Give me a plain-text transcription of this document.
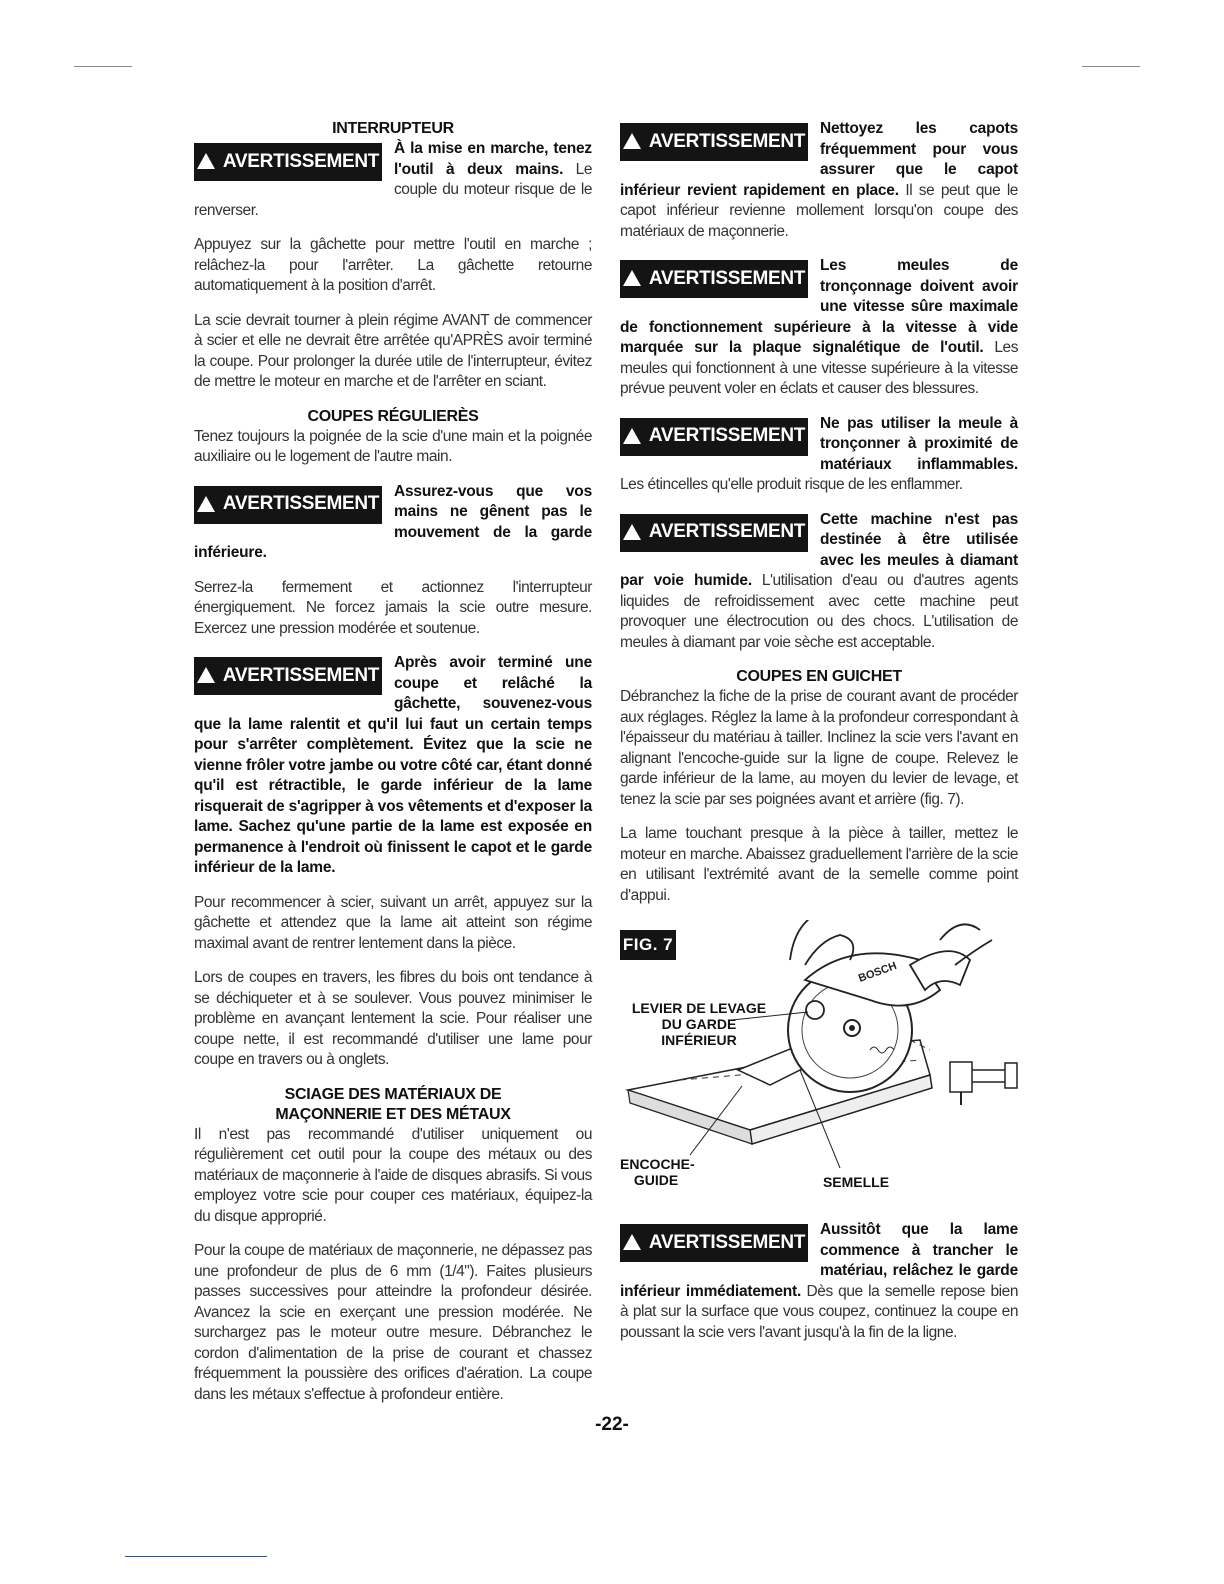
INTERRUPTEUR
AVERTISSEMENT
À la mise en marche, tenez l'outil à deux mains. Le couple du moteur risque de le renverser.

Appuyez sur la gâchette pour mettre l'outil en marche ; relâchez-la pour l'arrêter. La gâchette retourne automatiquement à la position d'arrêt.

La scie devrait tourner à plein régime AVANT de commencer à scier et elle ne devrait être arrêtée qu'APRÈS avoir terminé la coupe. Pour prolonger la durée utile de l'interrupteur, évitez de mettre le moteur en marche et de l'arrêter en sciant.

COUPES RÉGULIERÈS

Tenez toujours la poignée de la scie d'une main et la poignée auxiliaire ou le logement de l'autre main.

AVERTISSEMENT
Assurez-vous que vos mains ne gênent pas le mouvement de la garde inférieure.

Serrez-la fermement et actionnez l'interrupteur énergiquement. Ne forcez jamais la scie outre mesure. Exercez une pression modérée et soutenue.

AVERTISSEMENT
Après avoir terminé une coupe et relâché la gâchette, souvenez-vous que la lame ralentit et qu'il lui faut un certain temps pour s'arrêter complètement. Évitez que la scie ne vienne frôler votre jambe ou votre côté car, étant donné qu'il est rétractible, le garde inférieur de la lame risquerait de s'agripper à vos vêtements et d'exposer la lame. Sachez qu'une partie de la lame est exposée en permanence à l'endroit où finissent le capot et le garde inférieur de la lame.

Pour recommencer à scier, suivant un arrêt, appuyez sur la gâchette et attendez que la lame ait atteint son régime maximal avant de rentrer lentement dans la pièce.

Lors de coupes en travers, les fibres du bois ont tendance à se déchiqueter et à se soulever. Vous pouvez minimiser le problème en avançant lentement la scie. Pour réaliser une coupe nette, il est recommandé d'utiliser une lame pour coupe en travers ou à onglets.

SCIAGE DES MATÉRIAUX DE
MAÇONNERIE ET DES MÉTAUX

Il n'est pas recommandé d'utiliser uniquement ou régulièrement cet outil pour la coupe des métaux ou des matériaux de maçonnerie à l'aide de disques abrasifs. Si vous employez votre scie pour couper ces matériaux, équipez-la du disque approprié.

Pour la coupe de matériaux de maçonnerie, ne dépassez pas une profondeur de plus de 6 mm (1/4"). Faites plusieurs passes successives pour atteindre la profondeur désirée. Avancez la scie en exerçant une pression modérée. Ne surchargez pas le moteur outre mesure. Débranchez le cordon d'alimentation de la prise de courant et chassez fréquemment la poussière des orifices d'aération. La coupe dans les métaux s'effectue à profondeur entière.

AVERTISSEMENT
Nettoyez les capots fréquemment pour vous assurer que le capot inférieur revient rapidement en place. Il se peut que le capot inférieur revienne mollement lorsqu'on coupe des matériaux de maçonnerie.
AVERTISSEMENT
Les meules de tronçonnage doivent avoir une vitesse sûre maximale de fonctionnement supérieure à la vitesse à vide marquée sur la plaque signalétique de l'outil. Les meules qui fonctionnent à une vitesse supérieure à la vitesse prévue peuvent voler en éclats et causer des blessures.
AVERTISSEMENT
Ne pas utiliser la meule à tronçonner à proximité de matériaux inflammables. Les étincelles qu'elle produit risque de les enflammer.
AVERTISSEMENT
Cette machine n'est pas destinée à être utilisée avec les meules à diamant par voie humide. L'utilisation d'eau ou d'autres agents liquides de refroidissement avec cette machine peut provoquer une électrocution ou des chocs. L'utilisation de meules à diamant par voie sèche est acceptable.
COUPES EN GUICHET

Débranchez la fiche de la prise de courant avant de procéder aux réglages. Réglez la lame à la profondeur correspondant à l'épaisseur du matériau à tailler. Inclinez la scie vers l'avant en alignant l'encoche-guide sur la ligne de coupe. Relevez le garde inférieur de la lame, au moyen du levier de levage, et tenez la scie par ses poignées avant et arrière (fig. 7).

La lame touchant presque à la pièce à tailler, mettez le moteur en marche. Abaissez graduellement l'arrière de la scie en utilisant l'extrémité avant de la semelle comme point d'appui.

BOSCH
FIG. 7
LEVIER DE LEVAGE
DU GARDE
INFÉRIEUR
ENCOCHE-
GUIDE	SEMELLE
AVERTISSEMENT
Aussitôt que la lame commence à trancher le matériau, relâchez le garde inférieur immédiatement. Dès que la semelle repose bien à plat sur la surface que vous coupez, continuez la coupe en poussant la scie vers l'avant jusqu'à la fin de la ligne.
-22-
